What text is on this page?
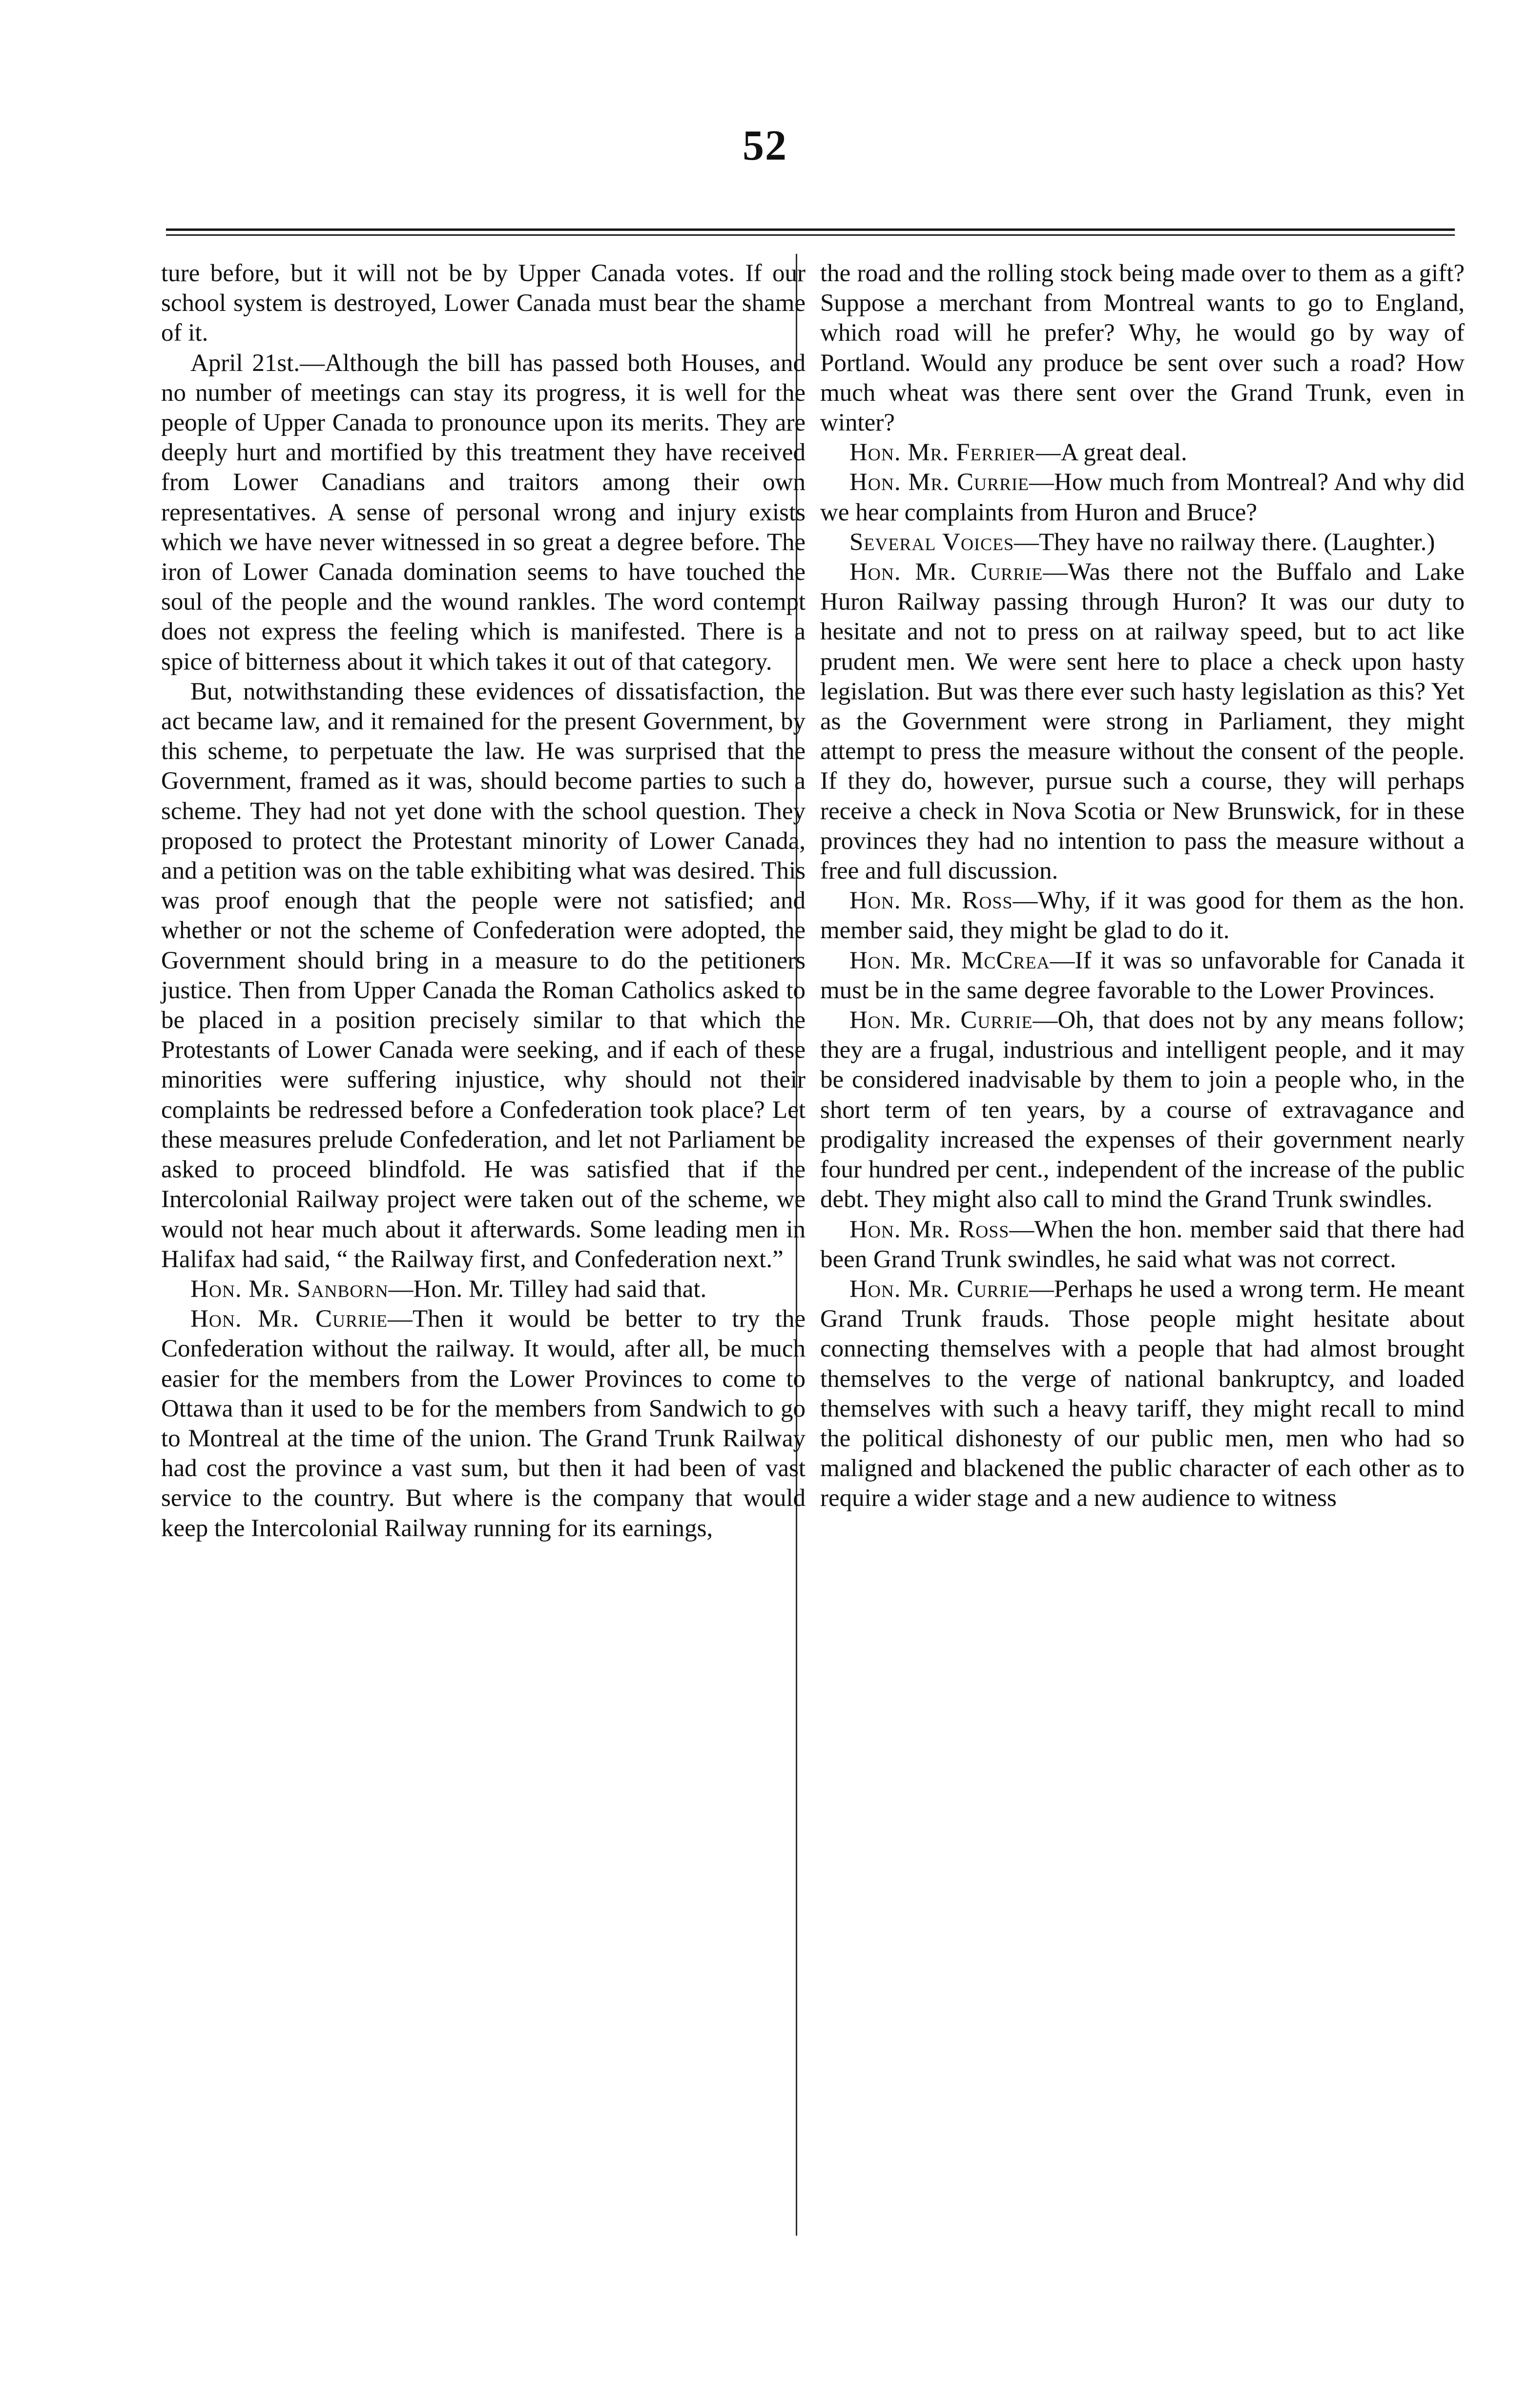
52

ture before, but it will not be by Upper Canada votes. If our school system is destroyed, Lower Canada must bear the shame of it.

April 21st.—Although the bill has passed both Houses, and no number of meetings can stay its progress, it is well for the people of Upper Canada to pronounce upon its merits. They are deeply hurt and mortified by this treatment they have received from Lower Canadians and traitors among their own representatives. A sense of personal wrong and injury exists which we have never witnessed in so great a degree before. The iron of Lower Canada domination seems to have touched the soul of the people and the wound rankles. The word contempt does not express the feeling which is manifested. There is a spice of bitterness about it which takes it out of that category.

But, notwithstanding these evidences of dissatisfaction, the act became law, and it remained for the present Government, by this scheme, to perpetuate the law. He was surprised that the Government, framed as it was, should become parties to such a scheme. They had not yet done with the school question. They proposed to protect the Protestant minority of Lower Canada, and a petition was on the table exhibiting what was desired. This was proof enough that the people were not satisfied; and whether or not the scheme of Confederation were adopted, the Government should bring in a measure to do the petitioners justice. Then from Upper Canada the Roman Catholics asked to be placed in a position precisely similar to that which the Protestants of Lower Canada were seeking, and if each of these minorities were suffering injustice, why should not their complaints be redressed before a Confederation took place? Let these measures prelude Confederation, and let not Parliament be asked to proceed blindfold. He was satisfied that if the Intercolonial Railway project were taken out of the scheme, we would not hear much about it afterwards. Some leading men in Halifax had said, “ the Railway first, and Confederation next.”

Hon. Mr. Sanborn—Hon. Mr. Tilley had said that.

Hon. Mr. Currie—Then it would be better to try the Confederation without the railway. It would, after all, be much easier for the members from the Lower Provinces to come to Ottawa than it used to be for the members from Sandwich to go to Montreal at the time of the union. The Grand Trunk Railway had cost the province a vast sum, but then it had been of vast service to the country. But where is the company that would keep the Intercolonial Railway running for its earnings,

the road and the rolling stock being made over to them as a gift? Suppose a merchant from Montreal wants to go to England, which road will he prefer? Why, he would go by way of Portland. Would any produce be sent over such a road? How much wheat was there sent over the Grand Trunk, even in winter?

Hon. Mr. Ferrier—A great deal.

Hon. Mr. Currie—How much from Montreal? And why did we hear complaints from Huron and Bruce?

Several Voices—They have no railway there. (Laughter.)

Hon. Mr. Currie—Was there not the Buffalo and Lake Huron Railway passing through Huron? It was our duty to hesitate and not to press on at railway speed, but to act like prudent men. We were sent here to place a check upon hasty legislation. But was there ever such hasty legislation as this? Yet as the Government were strong in Parliament, they might attempt to press the measure without the consent of the people. If they do, however, pursue such a course, they will perhaps receive a check in Nova Scotia or New Brunswick, for in these provinces they had no intention to pass the measure without a free and full discussion.

Hon. Mr. Ross—Why, if it was good for them as the hon. member said, they might be glad to do it.

Hon. Mr. McCrea—If it was so unfavorable for Canada it must be in the same degree favorable to the Lower Provinces.

Hon. Mr. Currie—Oh, that does not by any means follow; they are a frugal, industrious and intelligent people, and it may be considered inadvisable by them to join a people who, in the short term of ten years, by a course of extravagance and prodigality increased the expenses of their government nearly four hundred per cent., independent of the increase of the public debt. They might also call to mind the Grand Trunk swindles.

Hon. Mr. Ross—When the hon. member said that there had been Grand Trunk swindles, he said what was not correct.

Hon. Mr. Currie—Perhaps he used a wrong term. He meant Grand Trunk frauds. Those people might hesitate about connecting themselves with a people that had almost brought themselves to the verge of national bankruptcy, and loaded themselves with such a heavy tariff, they might recall to mind the political dishonesty of our public men, men who had so maligned and blackened the public character of each other as to require a wider stage and a new audience to witness
